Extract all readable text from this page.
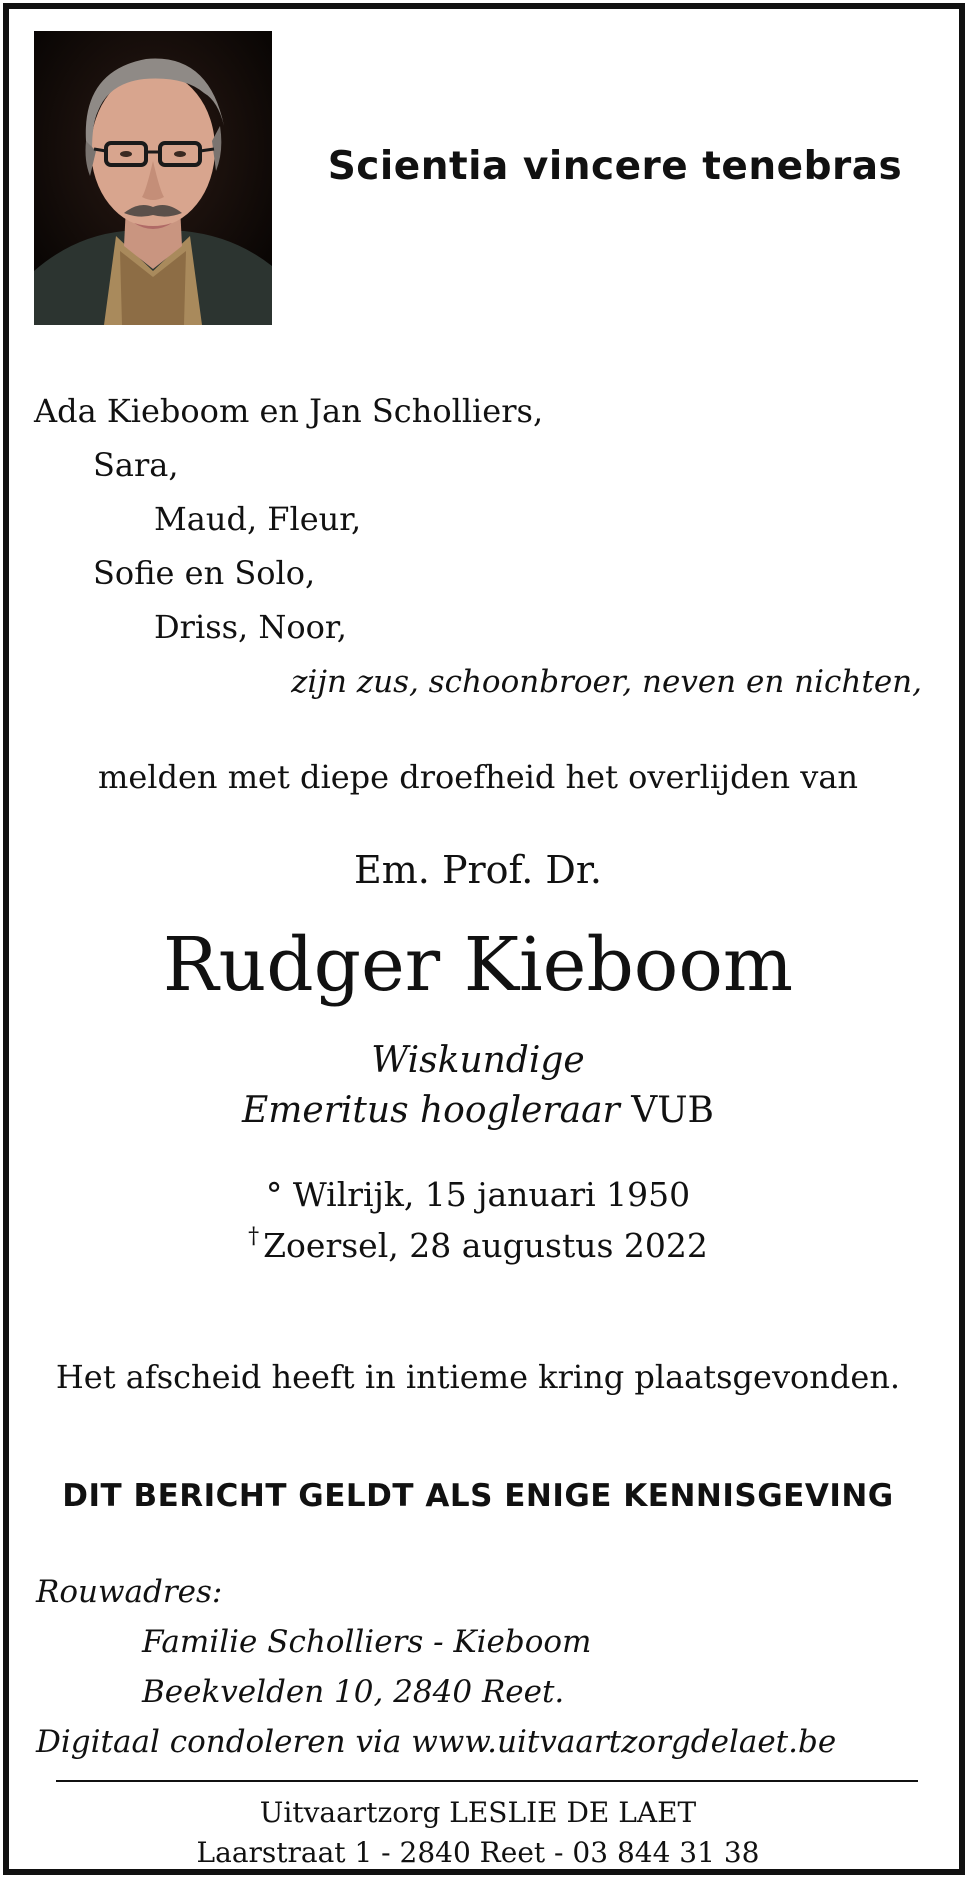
Scientia vincere tenebras
Ada Kieboom en Jan Scholliers,
Sara,
Maud, Fleur,
Sofie en Solo,
Driss, Noor,
zijn zus, schoonbroer, neven en nichten,
melden met diepe droefheid het overlijden van
Em. Prof. Dr.
Rudger Kieboom
Wiskundige
Emeritus hoogleraar VUB
° Wilrijk, 15 januari 1950
† Zoersel, 28 augustus 2022
Het afscheid heeft in intieme kring plaatsgevonden.
DIT BERICHT GELDT ALS ENIGE KENNISGEVING
Rouwadres:
Familie Scholliers - Kieboom
Beekvelden 10, 2840 Reet.
Digitaal condoleren via www.uitvaartzorgdelaet.be
Uitvaartzorg LESLIE DE LAET
Laarstraat 1 - 2840 Reet - 03 844 31 38
